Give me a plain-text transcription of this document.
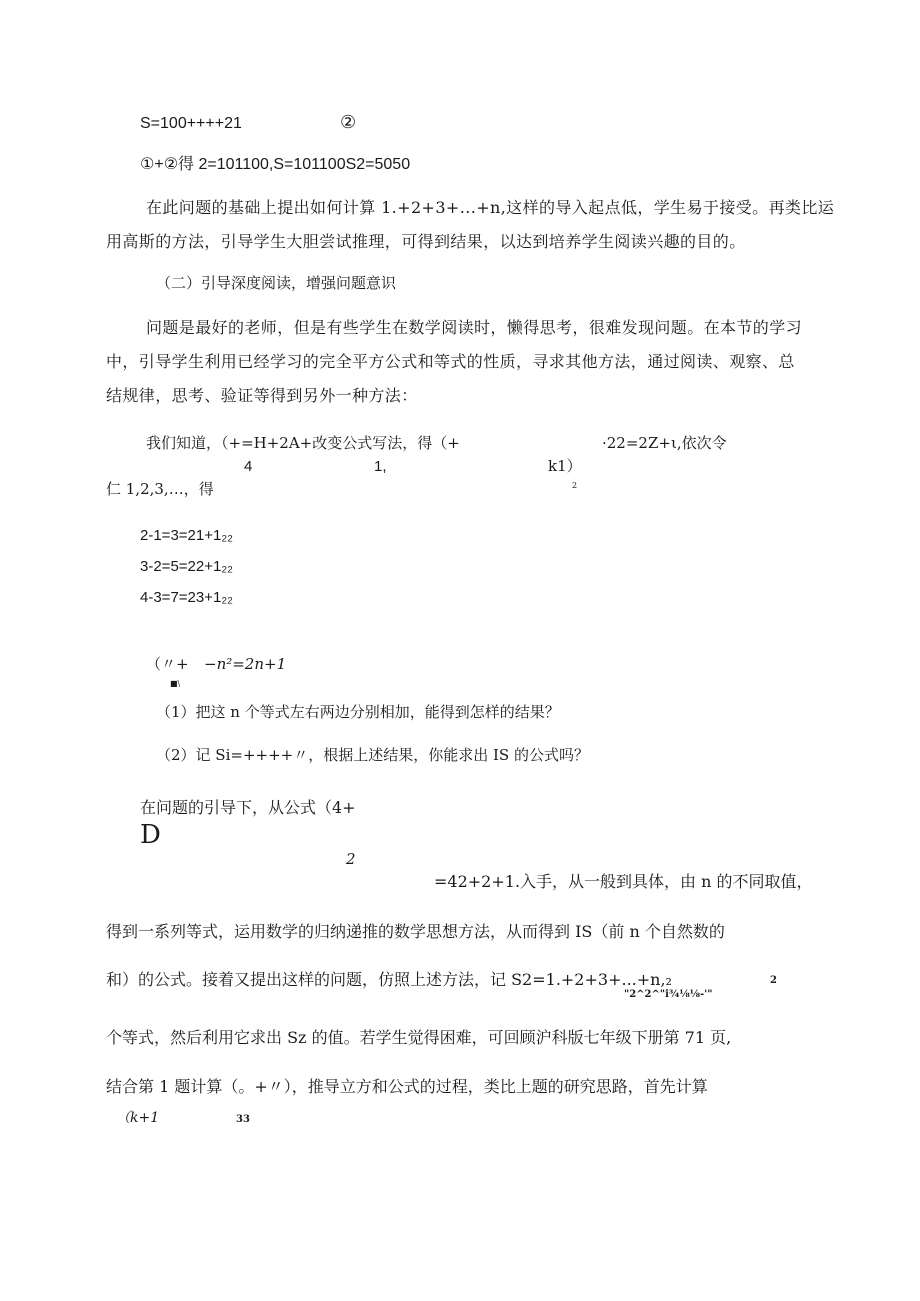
S=100++++21	②
①+②得 2=101100,S=101100S2=5050
在此问题的基础上提出如何计算 1.+2+3+...+n,这样的导入起点低，学生易于接受。再类比运
用高斯的方法，引导学生大胆尝试推理，可得到结果，以达到培养学生阅读兴趣的目的。
（二）引导深度阅读，增强问题意识
问题是最好的老师，但是有些学生在数学阅读时，懒得思考，很难发现问题。在本节的学习
中，引导学生利用已经学习的完全平方公式和等式的性质，寻求其他方法，通过阅读、观察、总
结规律，思考、验证等得到另外一种方法：
我们知道，（+=H+2A+改变公式写法，得（+	·22=2Z+ι,依次令
4	1,	k1）
2
仁 1,2,3,…，得
2-1=3=21+1₂₂
3-2=5=22+1₂₂
4-3=7=23+1₂₂
（〃+ −n²=2n+1
■\
（1）把这 n 个等式左右两边分别相加，能得到怎样的结果？
（2）记 Si=++++〃，根据上述结果，你能求出 IS 的公式吗？
在问题的引导下，从公式（4+
D
2
=42+2+1.入手，从一般到具体，由 n 的不同取值，
得到一系列等式，运用数学的归纳递推的数学思想方法，从而得到 IS（前 n 个自然数的
和）的公式。接着又提出这样的问题，仿照上述方法，记 S2=1.+2+3+...+n,₂	2
"2^2^"i¾⅛⅛-'"
个等式，然后利用它求出 Sz 的值。若学生觉得困难，可回顾沪科版七年级下册第 71 页,
结合第 1 题计算（。+〃），推导立方和公式的过程，类比上题的研究思路，首先计算
（k+1	33
